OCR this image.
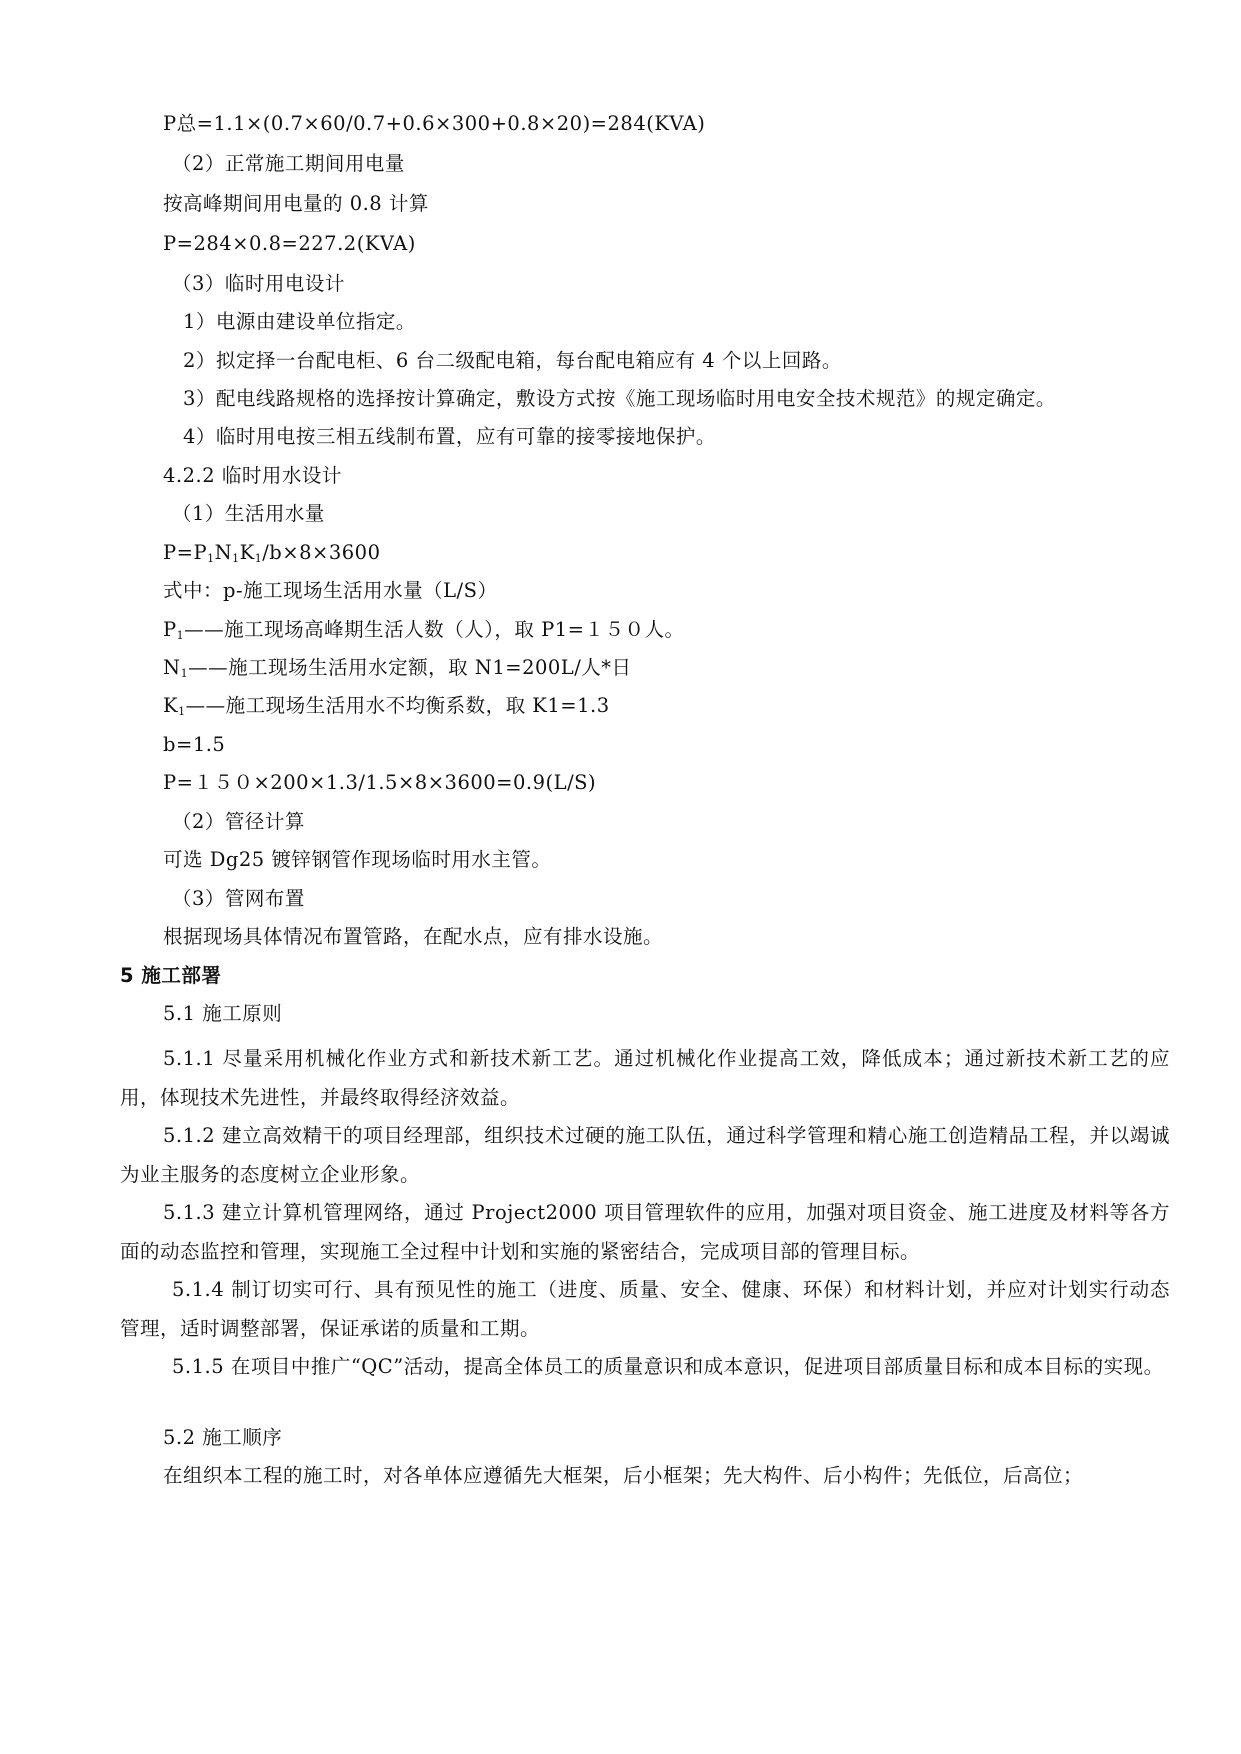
P总=1.1×(0.7×60/0.7+0.6×300+0.8×20)=284(KVA)
（2）正常施工期间用电量
按高峰期间用电量的 0.8 计算
P=284×0.8=227.2(KVA)
（3）临时用电设计
1）电源由建设单位指定。
2）拟定择一台配电柜、6 台二级配电箱，每台配电箱应有 4 个以上回路。
3）配电线路规格的选择按计算确定，敷设方式按《施工现场临时用电安全技术规范》的规定确定。
4）临时用电按三相五线制布置，应有可靠的接零接地保护。
4.2.2 临时用水设计
（1）生活用水量
$P=P_1N_1K_1/b\times 8\times 3600$
式中：p-施工现场生活用水量（L/S）
$P_1——$施工现场高峰期生活人数（人），取 P1=１５０人。
$N_1——$施工现场生活用水定额，取 N1=200L/人*日
$K_1——$施工现场生活用水不均衡系数，取 K1=1.3
b=1.5
P=１５０×200×1.3/1.5×8×3600=0.9(L/S)
（2）管径计算
可选 Dg25 镀锌钢管作现场临时用水主管。
（3）管网布置
根据现场具体情况布置管路，在配水点，应有排水设施。
5 施工部署
5.1 施工原则
5.1.1 尽量采用机械化作业方式和新技术新工艺。通过机械化作业提高工效，降低成本；通过新技术新工艺的应用，体现技术先进性，并最终取得经济效益。
5.1.2 建立高效精干的项目经理部，组织技术过硬的施工队伍，通过科学管理和精心施工创造精品工程，并以竭诚为业主服务的态度树立企业形象。
5.1.3 建立计算机管理网络，通过 Project2000 项目管理软件的应用，加强对项目资金、施工进度及材料等各方面的动态监控和管理，实现施工全过程中计划和实施的紧密结合，完成项目部的管理目标。
5.1.4 制订切实可行、具有预见性的施工（进度、质量、安全、健康、环保）和材料计划，并应对计划实行动态管理，适时调整部署，保证承诺的质量和工期。
5.1.5 在项目中推广“QC”活动，提高全体员工的质量意识和成本意识，促进项目部质量目标和成本目标的实现。
5.2 施工顺序
在组织本工程的施工时，对各单体应遵循先大框架，后小框架；先大构件、后小构件；先低位，后高位；
